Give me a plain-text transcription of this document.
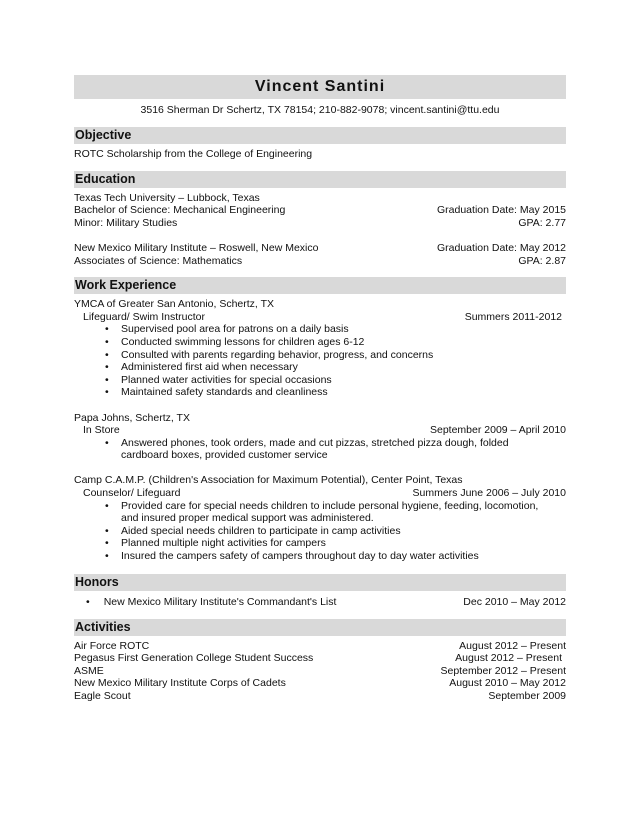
Vincent Santini
3516 Sherman Dr Schertz, TX 78154; 210-882-9078; vincent.santini@ttu.edu
Objective
ROTC Scholarship from the College of Engineering
Education
Texas Tech University – Lubbock, Texas
Bachelor of Science: Mechanical Engineering	Graduation Date: May 2015
Minor: Military Studies	GPA: 2.77
New Mexico Military Institute – Roswell, New Mexico	Graduation Date: May 2012
Associates of Science: Mathematics	GPA: 2.87
Work Experience
YMCA of Greater San Antonio, Schertz, TX
Lifeguard/ Swim Instructor	Summers 2011-2012
• Supervised pool area for patrons on a daily basis
• Conducted swimming lessons for children ages 6-12
• Consulted with parents regarding behavior, progress, and concerns
• Administered first aid when necessary
• Planned water activities for special occasions
• Maintained safety standards and cleanliness
Papa Johns, Schertz, TX
In Store	September 2009 – April 2010
• Answered phones, took orders, made and cut pizzas, stretched pizza dough, folded cardboard boxes, provided customer service
Camp C.A.M.P. (Children's Association for Maximum Potential), Center Point, Texas
Counselor/ Lifeguard	Summers June 2006 – July 2010
• Provided care for special needs children to include personal hygiene, feeding, locomotion, and insured proper medical support was administered.
• Aided special needs children to participate in camp activities
• Planned multiple night activities for campers
• Insured the campers safety of campers throughout day to day water activities
Honors
• New Mexico Military Institute's Commandant's List	Dec 2010 – May 2012
Activities
Air Force ROTC	August 2012 – Present
Pegasus First Generation College Student Success	August 2012 – Present
ASME	September 2012 – Present
New Mexico Military Institute Corps of Cadets	August 2010 – May 2012
Eagle Scout	September 2009
